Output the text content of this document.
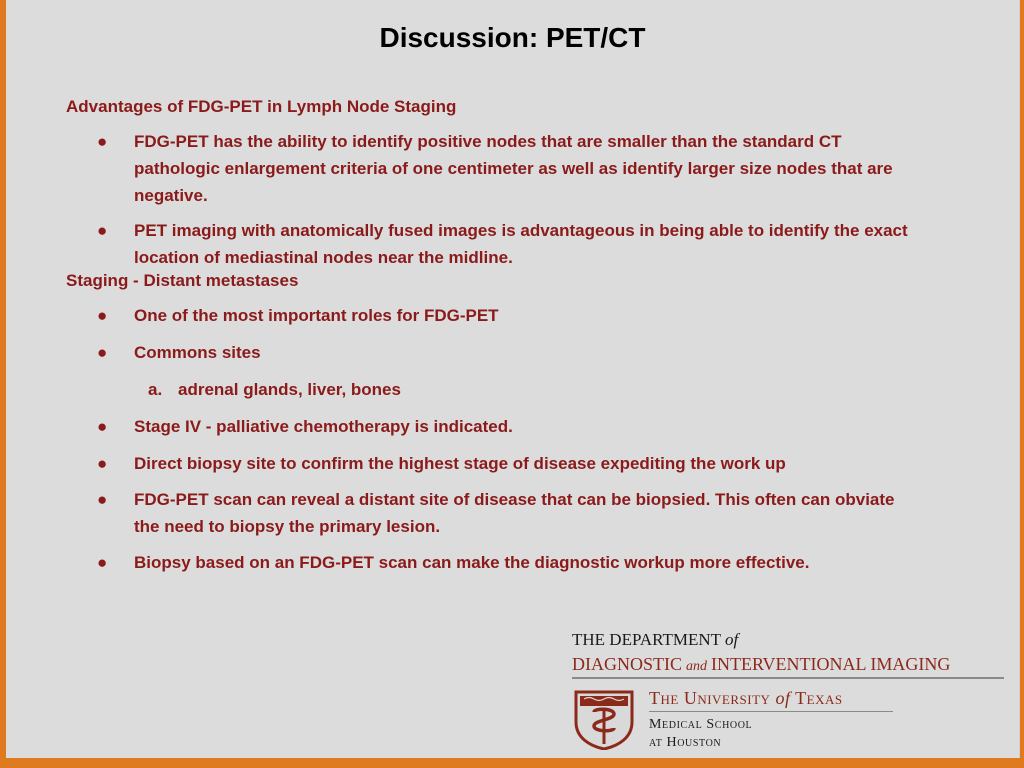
Discussion: PET/CT
Advantages of FDG-PET in Lymph Node Staging
● FDG-PET has the ability to identify positive nodes that are smaller than the standard CT pathologic enlargement criteria of one centimeter as well as identify larger size nodes that are negative.
● PET imaging with anatomically fused images is advantageous in being able to identify the exact location of mediastinal nodes near the midline.
Staging - Distant metastases
● One of the most important roles for FDG-PET
● Commons sites
a. adrenal glands, liver, bones
● Stage IV - palliative chemotherapy is indicated.
● Direct biopsy site to confirm the highest stage of disease expediting the work up
● FDG-PET scan can reveal a distant site of disease that can be biopsied. This often can obviate the need to biopsy the primary lesion.
● Biopsy based on an FDG-PET scan can make the diagnostic workup more effective.
THE DEPARTMENT of
DIAGNOSTIC and INTERVENTIONAL IMAGING
The University of Texas
Medical School
at Houston
